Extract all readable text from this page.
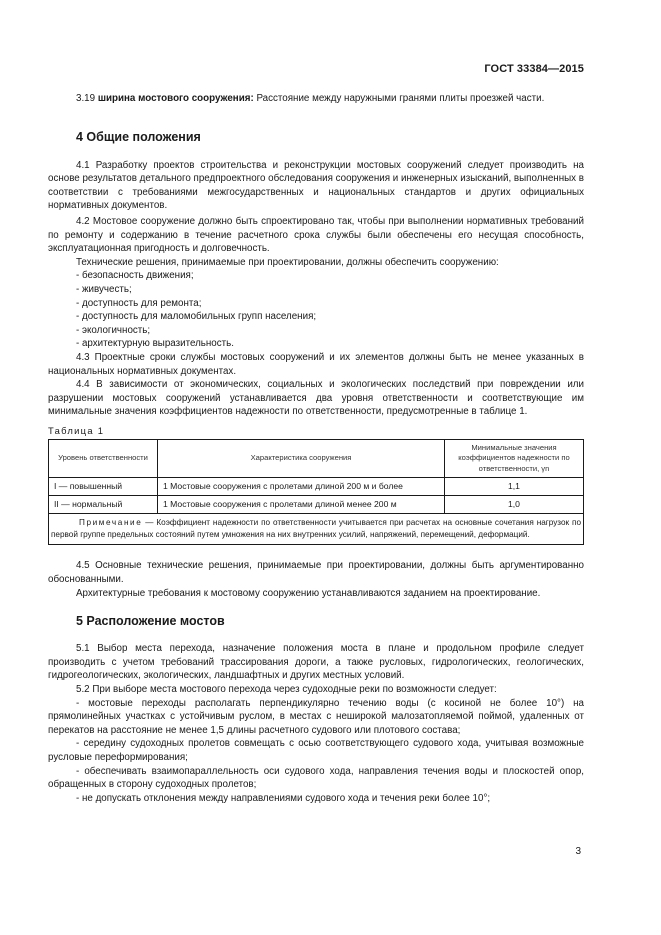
ГОСТ 33384—2015

3.19 ширина мостового сооружения: Расстояние между наружными гранями плиты проезжей части.

4 Общие положения

4.1 Разработку проектов строительства и реконструкции мостовых сооружений следует производить на основе результатов детального предпроектного обследования сооружения и инженерных изысканий, выполненных в соответствии с требованиями межгосударственных и национальных стандартов и других официальных нормативных документов.

4.2 Мостовое сооружение должно быть спроектировано так, чтобы при выполнении нормативных требований по ремонту и содержанию в течение расчетного срока службы были обеспечены его несущая способность, эксплуатационная пригодность и долговечность.

Технические решения, принимаемые при проектировании, должны обеспечить сооружению:

- безопасность движения;

- живучесть;

- доступность для ремонта;

- доступность для маломобильных групп населения;

- экологичность;

- архитектурную выразительность.

4.3 Проектные сроки службы мостовых сооружений и их элементов должны быть не менее указанных в национальных нормативных документах.

4.4 В зависимости от экономических, социальных и экологических последствий при повреждении или разрушении мостовых сооружений устанавливается два уровня ответственности и соответствующие им минимальные значения коэффициентов надежности по ответственности, предусмотренные в таблице 1.

Таблица 1
Уровень ответственности	Характеристика сооружения	Минимальные значения коэффициентов надежности по ответственности, γn
I — повышенный	1 Мостовые сооружения с пролетами длиной 200 м и более	1,1
II — нормальный	1 Мостовые сооружения с пролетами длиной менее 200 м	1,0
Примечание — Коэффициент надежности по ответственности учитывается при расчетах на основные сочетания нагрузок по первой группе предельных состояний путем умножения на них внутренних усилий, напряжений, перемещений, деформаций.		

4.5 Основные технические решения, принимаемые при проектировании, должны быть аргументированно обоснованными.

Архитектурные требования к мостовому сооружению устанавливаются заданием на проектирование.

5 Расположение мостов

5.1 Выбор места перехода, назначение положения моста в плане и продольном профиле следует производить с учетом требований трассирования дороги, а также русловых, гидрологических, геологических, гидрогеологических, экологических, ландшафтных и других местных условий.

5.2 При выборе места мостового перехода через судоходные реки по возможности следует:

- мостовые переходы располагать перпендикулярно течению воды (с косиной не более 10°) на прямолинейных участках с устойчивым руслом, в местах с неширокой малозатопляемой поймой, удаленных от перекатов на расстояние не менее 1,5 длины расчетного судового или плотового состава;

- середину судоходных пролетов совмещать с осью соответствующего судового хода, учитывая возможные русловые переформирования;

- обеспечивать взаимопараллельность оси судового хода, направления течения воды и плоскостей опор, обращенных в сторону судоходных пролетов;

- не допускать отклонения между направлениями судового хода и течения реки более 10°;

3
